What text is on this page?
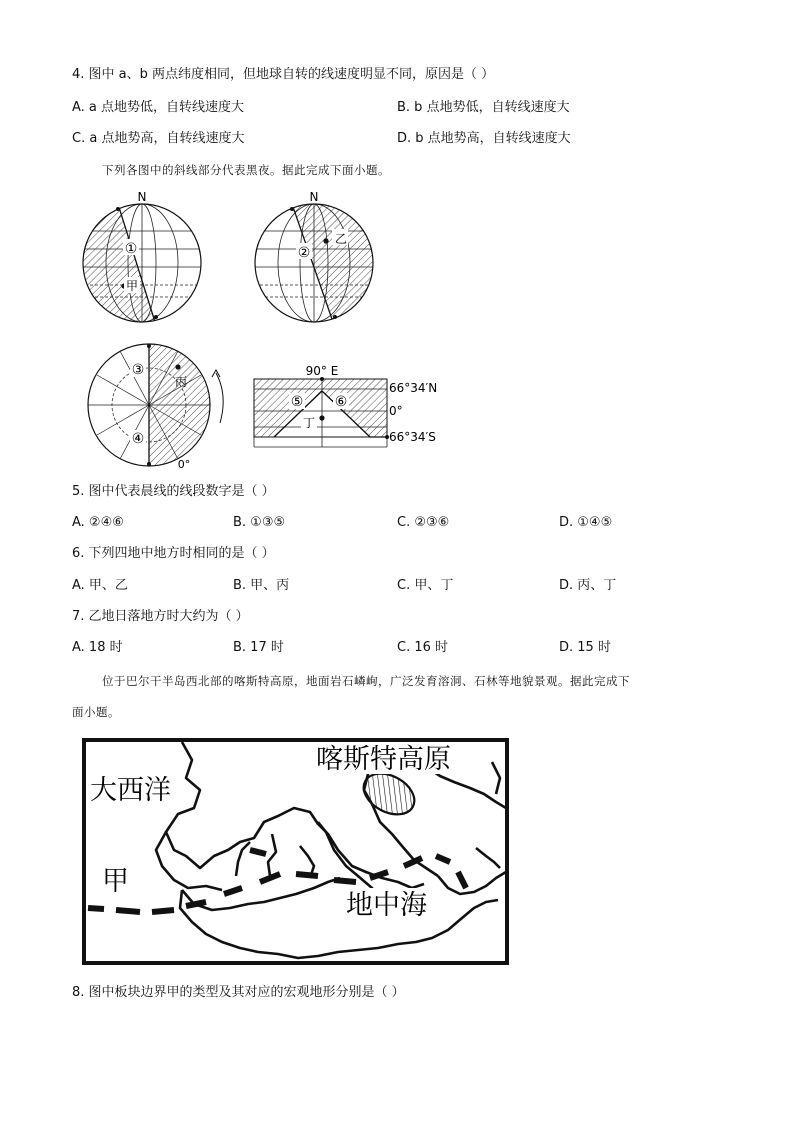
4. 图中 a、b 两点纬度相同，但地球自转的线速度明显不同，原因是（ ）
A. a 点地势低，自转线速度大	B. b 点地势低，自转线速度大
C. a 点地势高，自转线速度大	D. b 点地势高，自转线速度大
下列各图中的斜线部分代表黑夜。据此完成下面小题。
N
①
甲
N
②
乙
③
④
丙
0°
90° E
66°34′N
0°
66°34′S
⑤ ⑥
丁
5. 图中代表晨线的线段数字是（ ）
A. ②④⑥	B. ①③⑤	C. ②③⑥	D. ①④⑤
6. 下列四地中地方时相同的是（ ）
A. 甲、乙	B. 甲、丙	C. 甲、丁	D. 丙、丁
7. 乙地日落地方时大约为（ ）
A. 18 时	B. 17 时	C. 16 时	D. 15 时
位于巴尔干半岛西北部的喀斯特高原，地面岩石嶙峋，广泛发育溶洞、石林等地貌景观。据此完成下
面小题。
喀斯特高原
大西洋
甲
地中海
8. 图中板块边界甲的类型及其对应的宏观地形分别是（ ）
